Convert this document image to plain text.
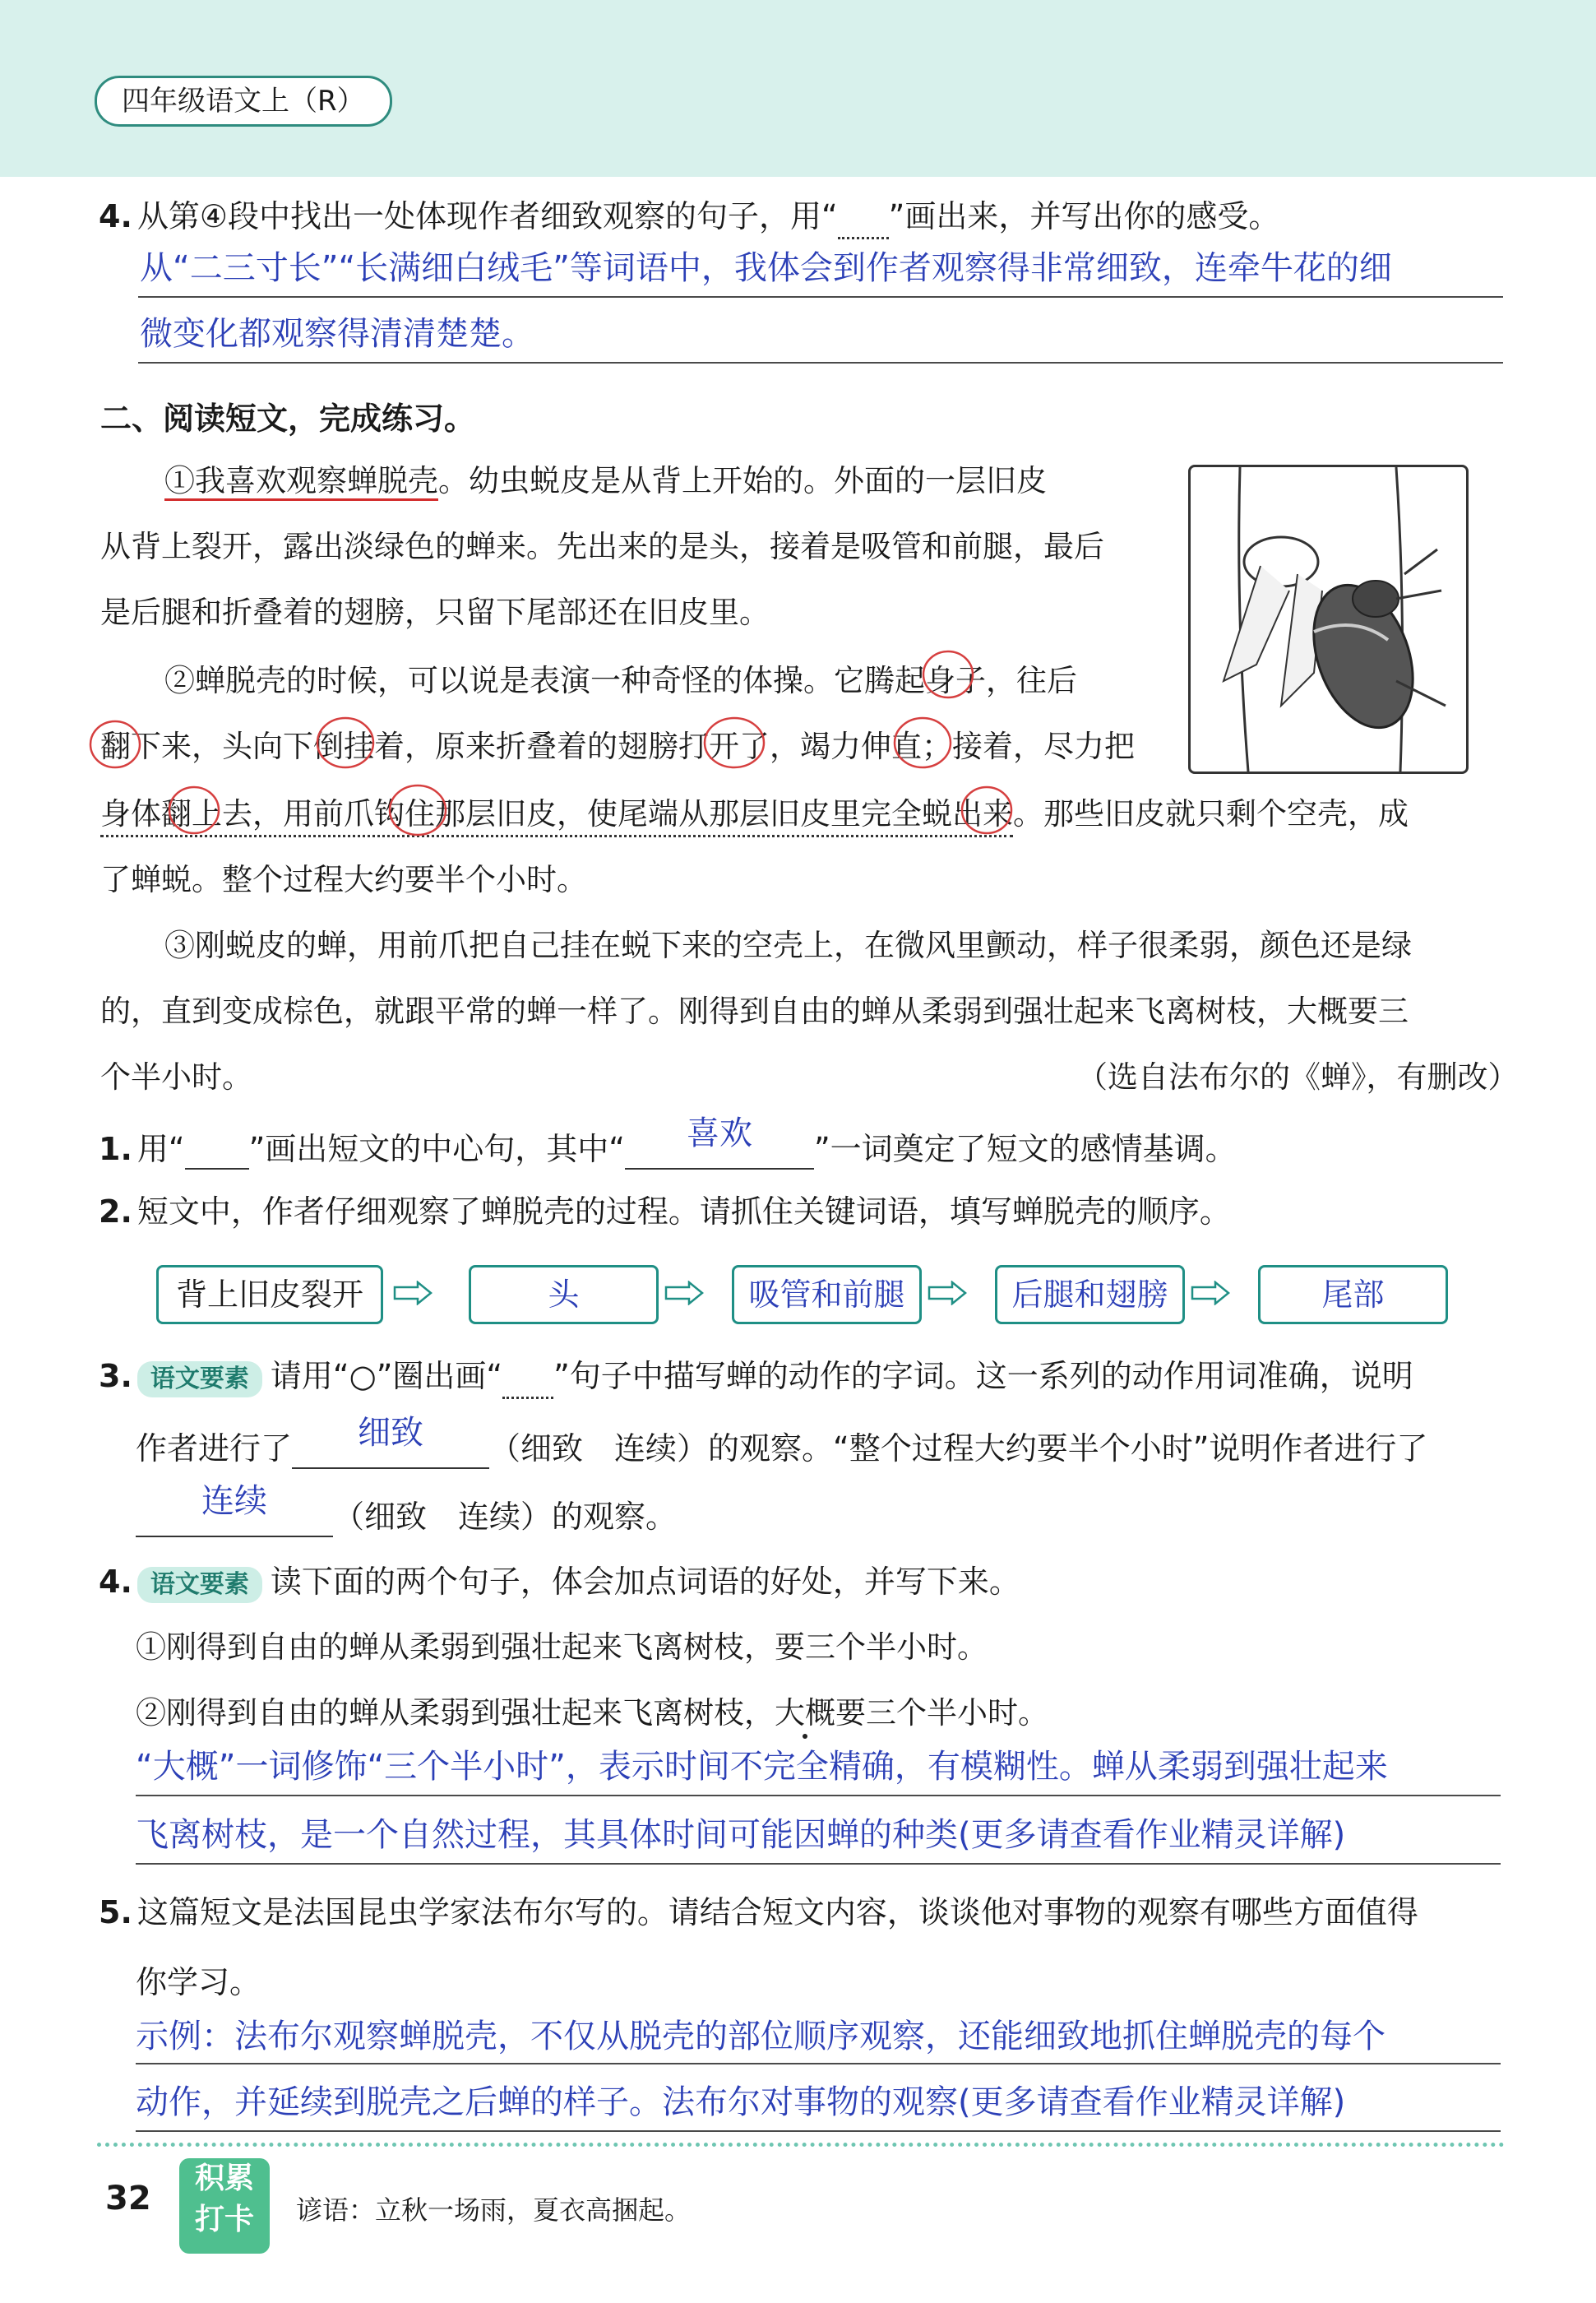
四年级语文上（R）
4. 从第④段中找出一处体现作者细致观察的句子，用“ ”画出来，并写出你的感受。
从“二三寸长”“长满细白绒毛”等词语中，我体会到作者观察得非常细致，连牵牛花的细
微变化都观察得清清楚楚。
二、阅读短文，完成练习。
①我喜欢观察蝉脱壳。幼虫蜕皮是从背上开始的。外面的一层旧皮
从背上裂开，露出淡绿色的蝉来。先出来的是头，接着是吸管和前腿，最后
是后腿和折叠着的翅膀，只留下尾部还在旧皮里。
②蝉脱壳的时候，可以说是表演一种奇怪的体操。它腾起身子，往后
翻下来，头向下倒挂着，原来折叠着的翅膀打开了，竭力伸直；接着，尽力把
身体翻上去，用前爪钩住那层旧皮，使尾端从那层旧皮里完全蜕出来。那些旧皮就只剩个空壳，成
了蝉蜕。整个过程大约要半个小时。
③刚蜕皮的蝉，用前爪把自己挂在蜕下来的空壳上，在微风里颤动，样子很柔弱，颜色还是绿
的，直到变成棕色，就跟平常的蝉一样了。刚得到自由的蝉从柔弱到强壮起来飞离树枝，大概要三
个半小时。	（选自法布尔的《蝉》，有删改）
1. 用“ ”画出短文的中心句，其中“ 喜欢 ”一词奠定了短文的感情基调。
2. 短文中，作者仔细观察了蝉脱壳的过程。请抓住关键词语，填写蝉脱壳的顺序。
背上旧皮裂开	头	吸管和前腿	后腿和翅膀	尾部
3. 语文要素 请用“○”圈出画“ ”句子中描写蝉的动作的字词。这一系列的动作用词准确，说明
作者进行了 细致 （细致　连续）的观察。“整个过程大约要半个小时”说明作者进行了
连续 （细致　连续）的观察。
4. 语文要素 读下面的两个句子，体会加点词语的好处，并写下来。
①刚得到自由的蝉从柔弱到强壮起来飞离树枝，要三个半小时。
②刚得到自由的蝉从柔弱到强壮起来飞离树枝，大概要三个半小时。
“大概”一词修饰“三个半小时”，表示时间不完全精确，有模糊性。蝉从柔弱到强壮起来
飞离树枝，是一个自然过程，其具体时间可能因蝉的种类(更多请查看作业精灵详解)
5. 这篇短文是法国昆虫学家法布尔写的。请结合短文内容，谈谈他对事物的观察有哪些方面值得
你学习。
示例：法布尔观察蝉脱壳，不仅从脱壳的部位顺序观察，还能细致地抓住蝉脱壳的每个
动作，并延续到脱壳之后蝉的样子。法布尔对事物的观察(更多请查看作业精灵详解)
32
积累
打卡	谚语：立秋一场雨，夏衣高捆起。
